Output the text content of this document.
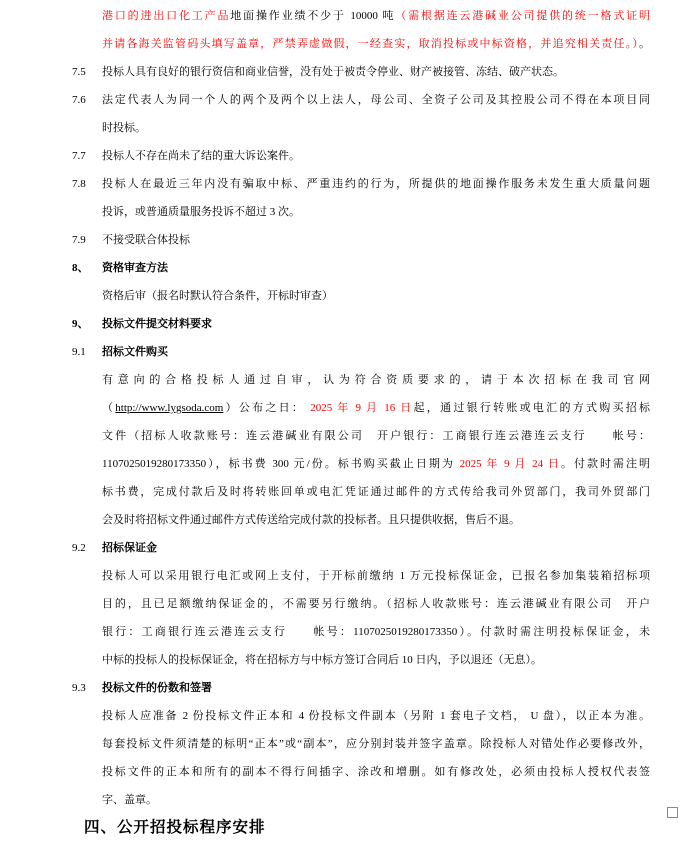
港口的进出口化工产品地面操作业绩不少于 10000 吨（需根据连云港碱业公司提供的统一格式证明
并请各海关监管码头填写盖章，严禁弄虚做假，一经查实，取消投标或中标资格，并追究相关责任。）。
7.5	投标人具有良好的银行资信和商业信誉，没有处于被责令停业、财产被接管、冻结、破产状态。
7.6	法定代表人为同一个人的两个及两个以上法人，母公司、全资子公司及其控股公司不得在本项目同
时投标。
7.7	投标人不存在尚未了结的重大诉讼案件。
7.8	投标人在最近三年内没有骗取中标、严重违约的行为，所提供的地面操作服务未发生重大质量问题
投诉，或普通质量服务投诉不超过 3 次。
7.9	不接受联合体投标
8、	资格审查方法
资格后审（报名时默认符合条件，开标时审查）
9、	投标文件提交材料要求
9.1	招标文件购买
有意向的合格投标人通过自审，认为符合资质要求的，请于本次招标在我司官网
（http://www.lygsoda.com）公布之日： 2025 年 9 月 16 日起，通过银行转账或电汇的方式购买招标
文件（招标人收款账号：连云港碱业有限公司　开户银行：工商银行连云港连云支行　　帐号：
1107025019280173350），标书费 300 元/份。标书购买截止日期为 2025 年 9 月 24 日。付款时需注明
标书费，完成付款后及时将转账回单或电汇凭证通过邮件的方式传给我司外贸部门，我司外贸部门
会及时将招标文件通过邮件方式传送给完成付款的投标者。且只提供收据，售后不退。
9.2	招标保证金
投标人可以采用银行电汇或网上支付，于开标前缴纳 1 万元投标保证金，已报名参加集装箱招标项
目的，且已足额缴纳保证金的，不需要另行缴纳。（招标人收款账号：连云港碱业有限公司　开户
银行：工商银行连云港连云支行　　帐号：1107025019280173350）。付款时需注明投标保证金，未
中标的投标人的投标保证金，将在招标方与中标方签订合同后 10 日内，予以退还（无息）。
9.3	投标文件的份数和签署
投标人应准备 2 份投标文件正本和 4 份投标文件副本（另附 1 套电子文档， U 盘），以正本为准。
每套投标文件须清楚的标明“正本”或“副本”，应分别封装并签字盖章。除投标人对错处作必要修改外，
投标文件的正本和所有的副本不得行间插字、涂改和增删。如有修改处，必须由投标人授权代表签
字、盖章。
四、公开招投标程序安排
